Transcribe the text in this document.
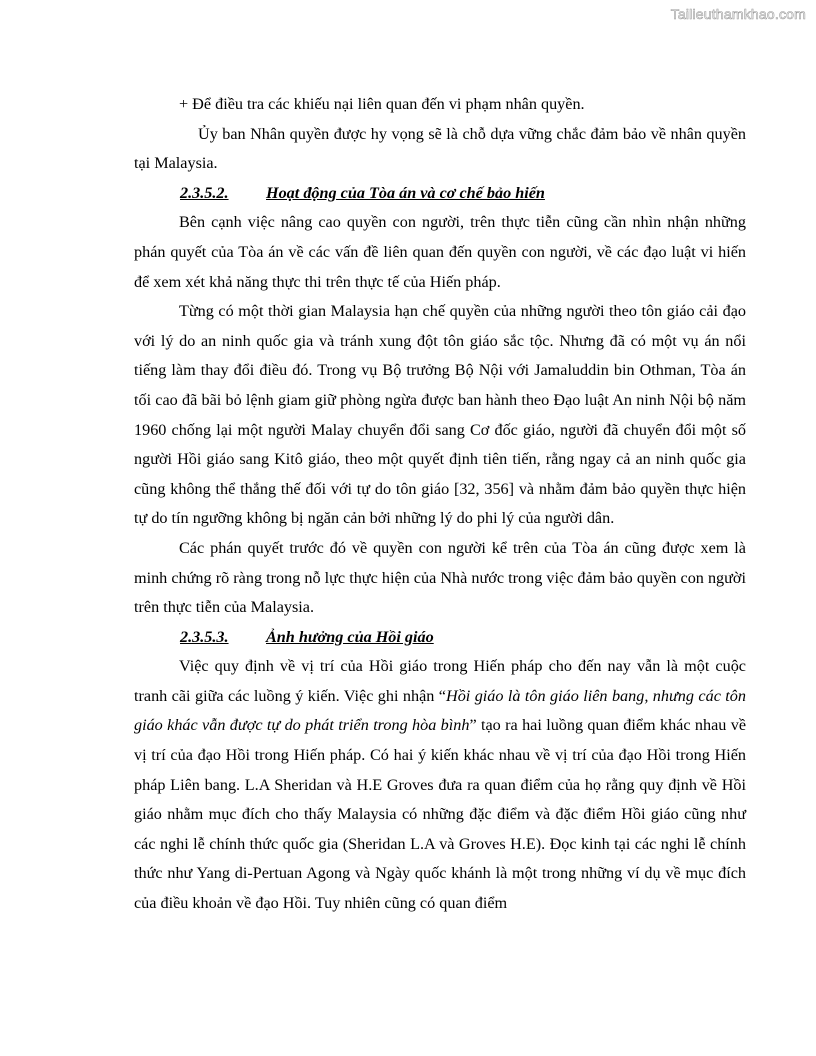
Tailieuthamkhao.com

+ Để điều tra các khiếu nại liên quan đến vi phạm nhân quyền.

Ủy ban Nhân quyền được hy vọng sẽ là chỗ dựa vững chắc đảm bảo về nhân quyền tại Malaysia.

2.3.5.2.	Hoạt động của Tòa án và cơ chế bảo hiến

Bên cạnh việc nâng cao quyền con người, trên thực tiễn cũng cần nhìn nhận những phán quyết của Tòa án về các vấn đề liên quan đến quyền con người, về các đạo luật vi hiến để xem xét khả năng thực thi trên thực tế của Hiến pháp.

Từng có một thời gian Malaysia hạn chế quyền của những người theo tôn giáo cải đạo với lý do an ninh quốc gia và tránh xung đột tôn giáo sắc tộc. Nhưng đã có một vụ án nổi tiếng làm thay đổi điều đó. Trong vụ Bộ trưởng Bộ Nội với Jamaluddin bin Othman, Tòa án tối cao đã bãi bỏ lệnh giam giữ phòng ngừa được ban hành theo Đạo luật An ninh Nội bộ năm 1960 chống lại một người Malay chuyển đổi sang Cơ đốc giáo, người đã chuyển đổi một số người Hồi giáo sang Kitô giáo, theo một quyết định tiên tiến, rằng ngay cả an ninh quốc gia cũng không thể thắng thế đối với tự do tôn giáo [32, 356] và nhằm đảm bảo quyền thực hiện tự do tín ngưỡng không bị ngăn cản bởi những lý do phi lý của người dân.

Các phán quyết trước đó về quyền con người kể trên của Tòa án cũng được xem là minh chứng rõ ràng trong nỗ lực thực hiện của Nhà nước trong việc đảm bảo quyền con người trên thực tiễn của Malaysia.

2.3.5.3.	Ảnh hưởng của Hồi giáo

Việc quy định về vị trí của Hồi giáo trong Hiến pháp cho đến nay vẫn là một cuộc tranh cãi giữa các luồng ý kiến. Việc ghi nhận “Hồi giáo là tôn giáo liên bang, nhưng các tôn giáo khác vẫn được tự do phát triển trong hòa bình” tạo ra hai luồng quan điểm khác nhau về vị trí của đạo Hồi trong Hiến pháp. Có hai ý kiến khác nhau về vị trí của đạo Hồi trong Hiến pháp Liên bang. L.A Sheridan và H.E Groves đưa ra quan điểm của họ rằng quy định về Hồi giáo nhằm mục đích cho thấy Malaysia có những đặc điểm và đặc điểm Hồi giáo cũng như các nghi lễ chính thức quốc gia (Sheridan L.A và Groves H.E). Đọc kinh tại các nghi lễ chính thức như Yang di-Pertuan Agong và Ngày quốc khánh là một trong những ví dụ về mục đích của điều khoản về đạo Hồi. Tuy nhiên cũng có quan điểm
